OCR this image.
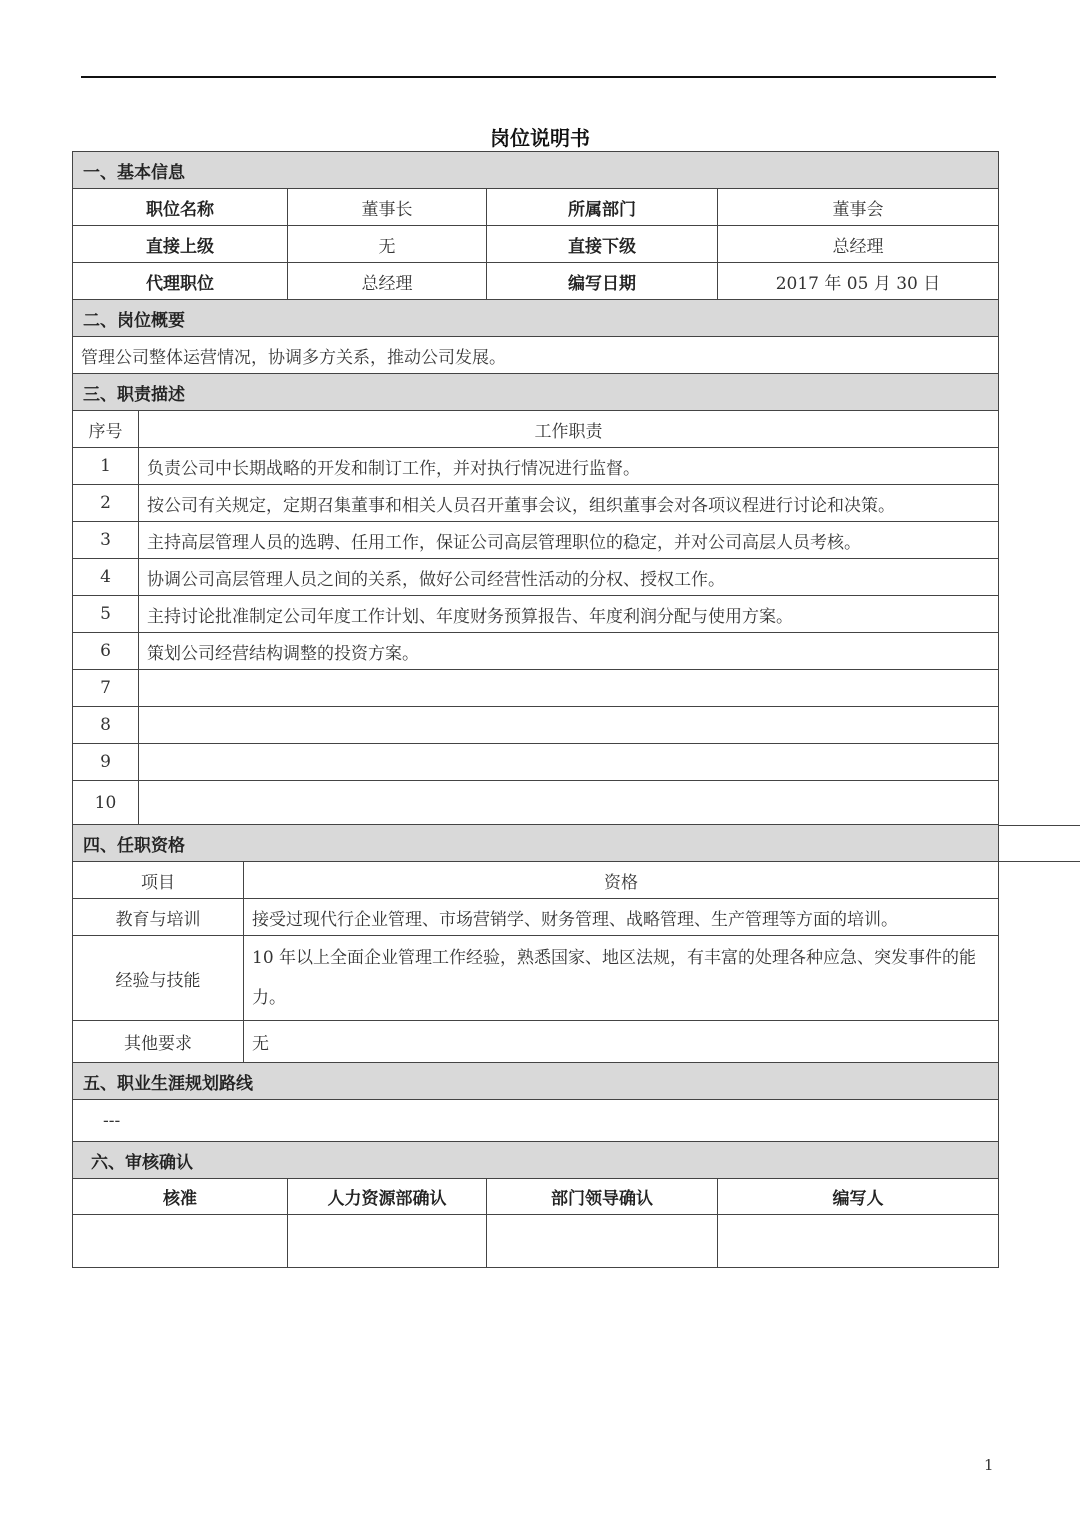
岗位说明书
一、基本信息					
职位名称			董事长	所属部门	董事会
直接上级			无	直接下级	总经理
代理职位			总经理	编写日期	2017 年 05 月 30 日
二、岗位概要					
管理公司整体运营情况，协调多方关系，推动公司发展。					
三、职责描述					
序号	工作职责				
1	负责公司中长期战略的开发和制订工作，并对执行情况进行监督。				
2	按公司有关规定，定期召集董事和相关人员召开董事会议，组织董事会对各项议程进行讨论和决策。				
3	主持高层管理人员的选聘、任用工作，保证公司高层管理职位的稳定，并对公司高层人员考核。				
4	协调公司高层管理人员之间的关系，做好公司经营性活动的分权、授权工作。				
5	主持讨论批准制定公司年度工作计划、年度财务预算报告、年度利润分配与使用方案。				
6	策划公司经营结构调整的投资方案。				
7					
8					
9					
10					
四、任职资格					
项目		资格			
教育与培训		接受过现代行企业管理、市场营销学、财务管理、战略管理、生产管理等方面的培训。			
经验与技能		10 年以上全面企业管理工作经验，熟悉国家、地区法规，有丰富的处理各种应急、突发事件的能力。			
其他要求		无			
五、职业生涯规划路线					
---					
六、审核确认					
核准			人力资源部确认	部门领导确认	编写人

1
